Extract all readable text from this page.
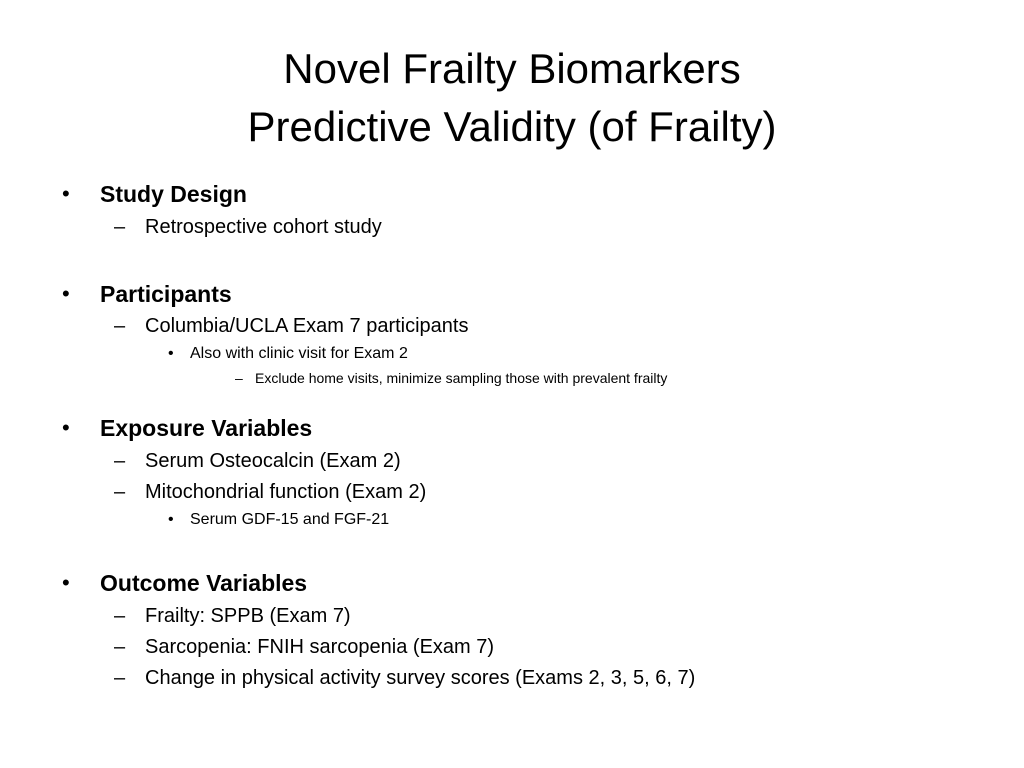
Novel Frailty Biomarkers
Predictive Validity (of Frailty)
• Study Design
– Retrospective cohort study
• Participants
– Columbia/UCLA Exam 7 participants
• Also with clinic visit for Exam 2
– Exclude home visits, minimize sampling those with prevalent frailty
• Exposure Variables
– Serum Osteocalcin (Exam 2)
– Mitochondrial function (Exam 2)
• Serum GDF-15 and FGF-21
• Outcome Variables
– Frailty: SPPB (Exam 7)
– Sarcopenia: FNIH sarcopenia (Exam 7)
– Change in physical activity survey scores (Exams 2, 3, 5, 6, 7)
